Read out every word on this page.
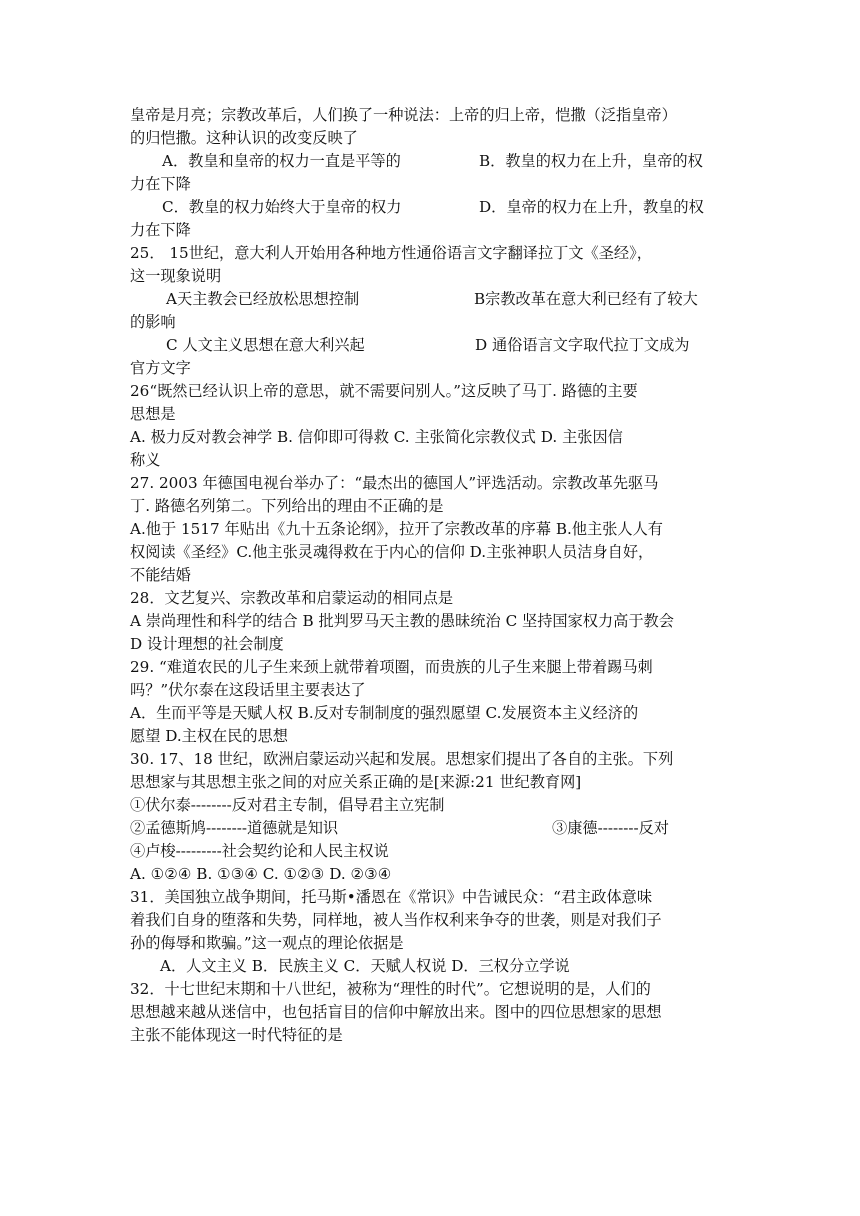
皇帝是月亮；宗教改革后，人们换了一种说法：上帝的归上帝，恺撒（泛指皇帝）
的归恺撒。这种认识的改变反映了
A．教皇和皇帝的权力一直是平等的	B．教皇的权力在上升，皇帝的权
力在下降
C．教皇的权力始终大于皇帝的权力	D．皇帝的权力在上升，教皇的权
力在下降
25． 15世纪，意大利人开始用各种地方性通俗语言文字翻译拉丁文《圣经》，
这一现象说明
A天主教会已经放松思想控制	B宗教改革在意大利已经有了较大
的影响
C 人文主义思想在意大利兴起	D 通俗语言文字取代拉丁文成为
官方文字
26“既然已经认识上帝的意思，就不需要问别人。”这反映了马丁. 路德的主要
思想是
A. 极力反对教会神学 B. 信仰即可得救 C. 主张简化宗教仪式 D. 主张因信
称义
27. 2003 年德国电视台举办了：“最杰出的德国人”评选活动。宗教改革先驱马
丁. 路德名列第二。下列给出的理由不正确的是
A.他于 1517 年贴出《九十五条论纲》，拉开了宗教改革的序幕 B.他主张人人有
权阅读《圣经》C.他主张灵魂得救在于内心的信仰 D.主张神职人员洁身自好，
不能结婚
28．文艺复兴、宗教改革和启蒙运动的相同点是
A 崇尚理性和科学的结合 B 批判罗马天主教的愚昧统治 C 坚持国家权力高于教会
D 设计理想的社会制度
29. “难道农民的儿子生来颈上就带着项圈，而贵族的儿子生来腿上带着踢马刺
吗？”伏尔泰在这段话里主要表达了
A．生而平等是天赋人权 B.反对专制制度的强烈愿望 C.发展资本主义经济的
愿望 D.主权在民的思想
30. 17、18 世纪，欧洲启蒙运动兴起和发展。思想家们提出了各自的主张。下列
思想家与其思想主张之间的对应关系正确的是[来源:21 世纪教育网]
①伏尔泰--------反对君主专制，倡导君主立宪制
②孟德斯鸠--------道德就是知识	③康德--------反对
④卢梭---------社会契约论和人民主权说
A. ①②④ B. ①③④ C. ①②③ D. ②③④
31．美国独立战争期间，托马斯•潘恩在《常识》中告诫民众：“君主政体意味
着我们自身的堕落和失势，同样地，被人当作权利来争夺的世袭，则是对我们子
孙的侮辱和欺骗。”这一观点的理论依据是
A．人文主义 B．民族主义 C．天赋人权说 D．三权分立学说
32．十七世纪末期和十八世纪，被称为“理性的时代”。它想说明的是，人们的
思想越来越从迷信中，也包括盲目的信仰中解放出来。图中的四位思想家的思想
主张不能体现这一时代特征的是
